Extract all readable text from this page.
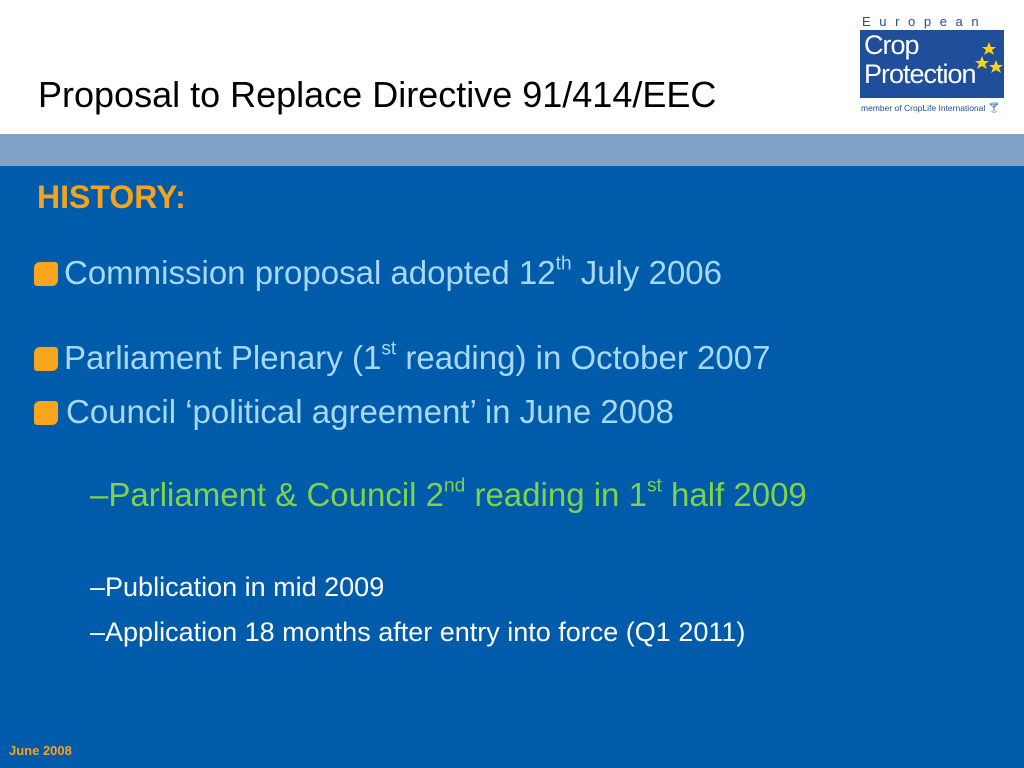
Proposal to Replace Directive 91/414/EEC
European
Crop
Protection
Association
member of CropLife International 🍸︎
HISTORY:
Commission proposal adopted 12th July 2006
Parliament Plenary (1st reading) in October 2007
Council ‘political agreement’ in June 2008
–Parliament & Council 2nd reading in 1st half 2009
–Publication in mid 2009
–Application 18 months after entry into force (Q1 2011)
June 2008
